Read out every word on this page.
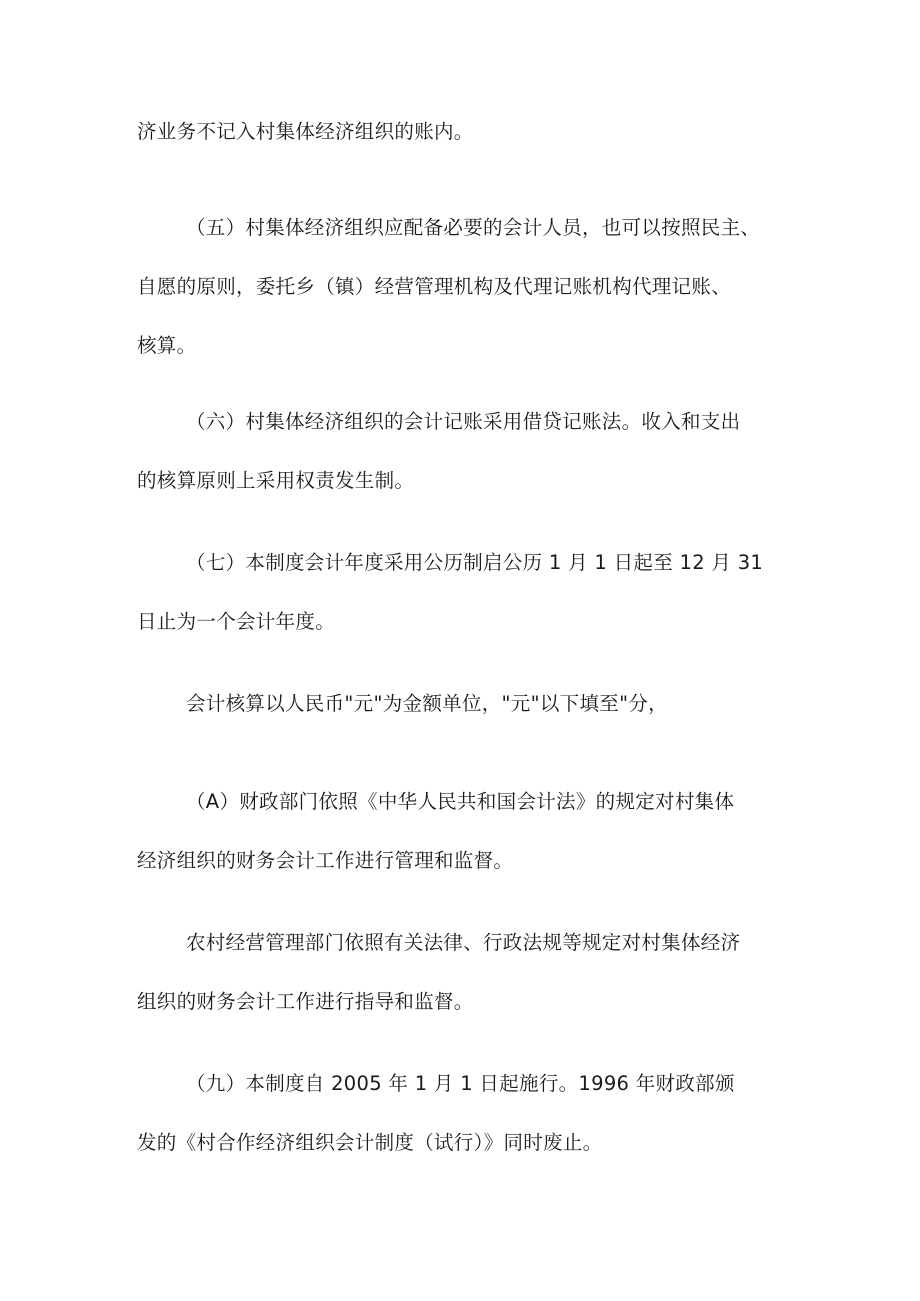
济业务不记入村集体经济组织的账内。

（五）村集体经济组织应配备必要的会计人员，也可以按照民主、
自愿的原则，委托乡（镇）经营管理机构及代理记账机构代理记账、
核算。

（六）村集体经济组织的会计记账采用借贷记账法。收入和支出
的核算原则上采用权责发生制。

（七）本制度会计年度采用公历制启公历 1 月 1 日起至 12 月 31
日止为一个会计年度。

会计核算以人民币"元"为金额单位，"元"以下填至"分，

（A）财政部门依照《中华人民共和国会计法》的规定对村集体
经济组织的财务会计工作进行管理和监督。

农村经营管理部门依照有关法律、行政法规等规定对村集体经济
组织的财务会计工作进行指导和监督。

（九）本制度自 2005 年 1 月 1 日起施行。1996 年财政部颁
发的《村合作经济组织会计制度（试行）》同时废止。
